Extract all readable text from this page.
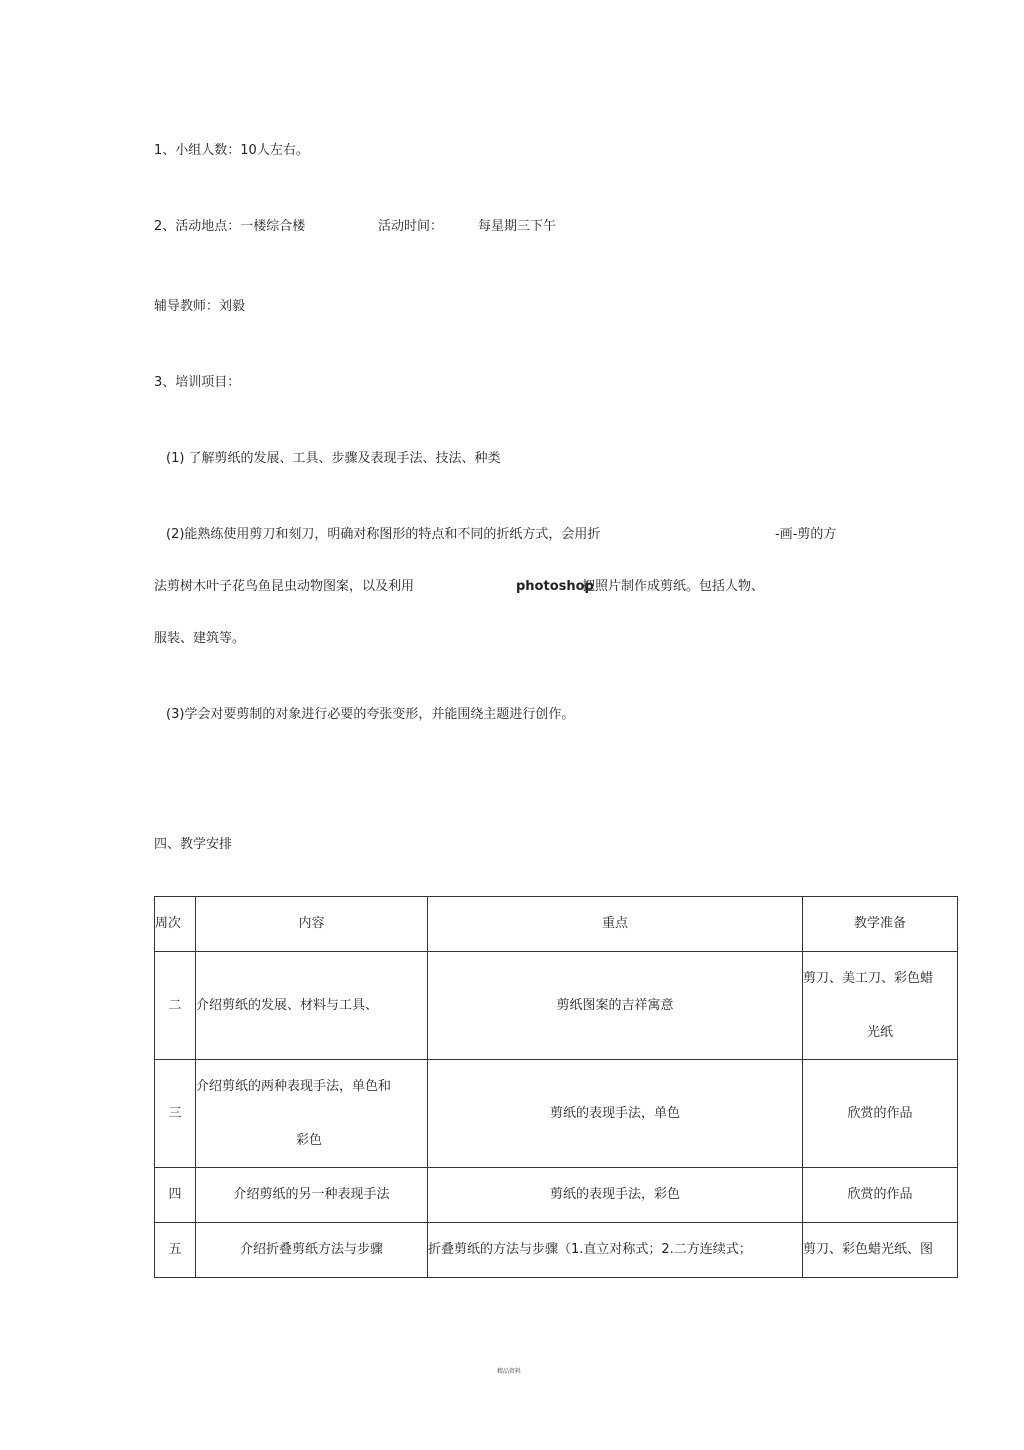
1、小组人数：10人左右。
2、活动地点：一楼综合楼	活动时间：	每星期三下午
辅导教师：刘毅
3、培训项目：
(1) 了解剪纸的发展、工具、步骤及表现手法、技法、种类
(2)能熟练使用剪刀和刻刀，明确对称图形的特点和不同的折纸方式，会用折	-画-剪的方
法剪树木叶子花鸟鱼昆虫动物图案，以及利用	photoshop
把照片制作成剪纸。包括人物、
服装、建筑等。
(3)学会对要剪制的对象进行必要的夸张变形，并能围绕主题进行创作。
四、教学安排
周次	内容	重点	教学准备
二	介绍剪纸的发展、材料与工具、	剪纸图案的吉祥寓意	剪刀、美工刀、彩色蜡
光纸

三	介绍剪纸的两种表现手法，单色和
彩色	剪纸的表现手法，单色	欣赏的作品
四	介绍剪纸的另一种表现手法	剪纸的表现手法，彩色	欣赏的作品
五	介绍折叠剪纸方法与步骤	折叠剪纸的方法与步骤（1.直立对称式；2.二方连续式；	剪刀、彩色蜡光纸、图
精品资料
